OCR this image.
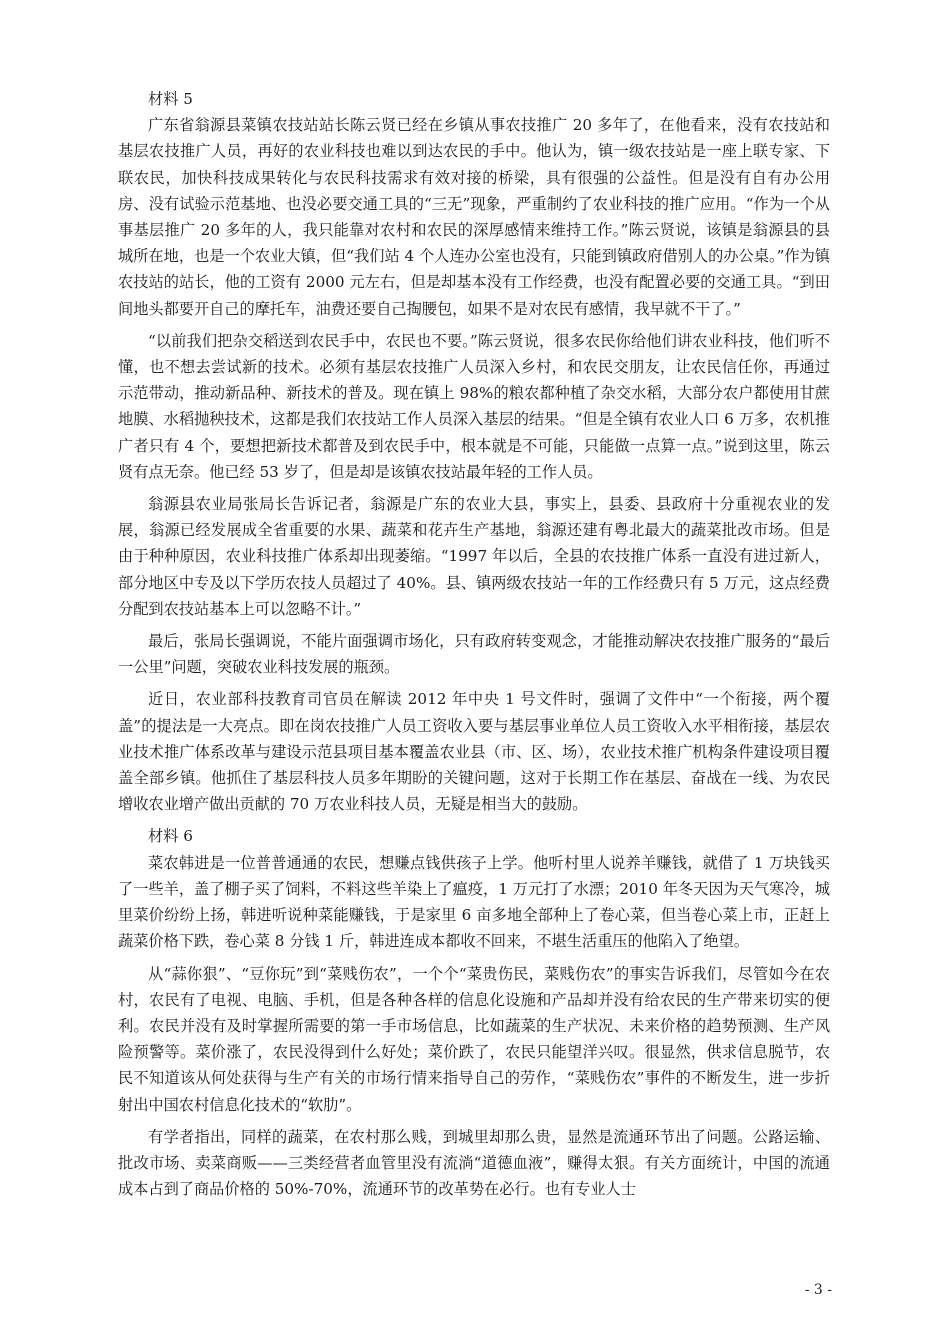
材料 5

广东省翁源县菜镇农技站站长陈云贤已经在乡镇从事农技推广 20 多年了，在他看来，没有农技站和基层农技推广人员，再好的农业科技也难以到达农民的手中。他认为，镇一级农技站是一座上联专家、下联农民，加快科技成果转化与农民科技需求有效对接的桥梁，具有很强的公益性。但是没有自有办公用房、没有试验示范基地、也没必要交通工具的“三无”现象，严重制约了农业科技的推广应用。“作为一个从事基层推广 20 多年的人，我只能靠对农村和农民的深厚感情来维持工作。”陈云贤说，该镇是翁源县的县城所在地，也是一个农业大镇，但“我们站 4 个人连办公室也没有，只能到镇政府借别人的办公桌。”作为镇农技站的站长，他的工资有 2000 元左右，但是却基本没有工作经费，也没有配置必要的交通工具。“到田间地头都要开自己的摩托车，油费还要自己掏腰包，如果不是对农民有感情，我早就不干了。”

“以前我们把杂交稻送到农民手中，农民也不要。”陈云贤说，很多农民你给他们讲农业科技，他们听不懂，也不想去尝试新的技术。必须有基层农技推广人员深入乡村，和农民交朋友，让农民信任你，再通过示范带动，推动新品种、新技术的普及。现在镇上 98%的粮农都种植了杂交水稻，大部分农户都使用甘蔗地膜、水稻抛秧技术，这都是我们农技站工作人员深入基层的结果。“但是全镇有农业人口 6 万多，农机推广者只有 4 个，要想把新技术都普及到农民手中，根本就是不可能，只能做一点算一点。”说到这里，陈云贤有点无奈。他已经 53 岁了，但是却是该镇农技站最年轻的工作人员。

翁源县农业局张局长告诉记者，翁源是广东的农业大县，事实上，县委、县政府十分重视农业的发展，翁源已经发展成全省重要的水果、蔬菜和花卉生产基地，翁源还建有粤北最大的蔬菜批改市场。但是由于种种原因，农业科技推广体系却出现萎缩。“1997 年以后，全县的农技推广体系一直没有进过新人，部分地区中专及以下学历农技人员超过了 40%。县、镇两级农技站一年的工作经费只有 5 万元，这点经费分配到农技站基本上可以忽略不计。”

最后，张局长强调说，不能片面强调市场化，只有政府转变观念，才能推动解决农技推广服务的“最后一公里”问题，突破农业科技发展的瓶颈。

近日，农业部科技教育司官员在解读 2012 年中央 1 号文件时，强调了文件中“一个衔接，两个覆盖”的提法是一大亮点。即在岗农技推广人员工资收入要与基层事业单位人员工资收入水平相衔接，基层农业技术推广体系改革与建设示范县项目基本覆盖农业县（市、区、场），农业技术推广机构条件建设项目覆盖全部乡镇。他抓住了基层科技人员多年期盼的关键问题，这对于长期工作在基层、奋战在一线、为农民增收农业增产做出贡献的 70 万农业科技人员，无疑是相当大的鼓励。

材料 6

菜农韩进是一位普普通通的农民，想赚点钱供孩子上学。他听村里人说养羊赚钱，就借了 1 万块钱买了一些羊，盖了棚子买了饲料，不料这些羊染上了瘟疫，1 万元打了水漂；2010 年冬天因为天气寒冷，城里菜价纷纷上扬，韩进听说种菜能赚钱，于是家里 6 亩多地全部种上了卷心菜，但当卷心菜上市，正赶上蔬菜价格下跌，卷心菜 8 分钱 1 斤，韩进连成本都收不回来，不堪生活重压的他陷入了绝望。

从“蒜你狠”、“豆你玩”到“菜贱伤农”，一个个“菜贵伤民，菜贱伤农”的事实告诉我们，尽管如今在农村，农民有了电视、电脑、手机，但是各种各样的信息化设施和产品却并没有给农民的生产带来切实的便利。农民并没有及时掌握所需要的第一手市场信息，比如蔬菜的生产状况、未来价格的趋势预测、生产风险预警等。菜价涨了，农民没得到什么好处；菜价跌了，农民只能望洋兴叹。很显然，供求信息脱节，农民不知道该从何处获得与生产有关的市场行情来指导自己的劳作，“菜贱伤农”事件的不断发生，进一步折射出中国农村信息化技术的“软肋”。

有学者指出，同样的蔬菜，在农村那么贱，到城里却那么贵，显然是流通环节出了问题。公路运输、批改市场、卖菜商贩——三类经营者血管里没有流淌“道德血液”，赚得太狠。有关方面统计，中国的流通成本占到了商品价格的 50%-70%，流通环节的改革势在必行。也有专业人士

- 3 -
